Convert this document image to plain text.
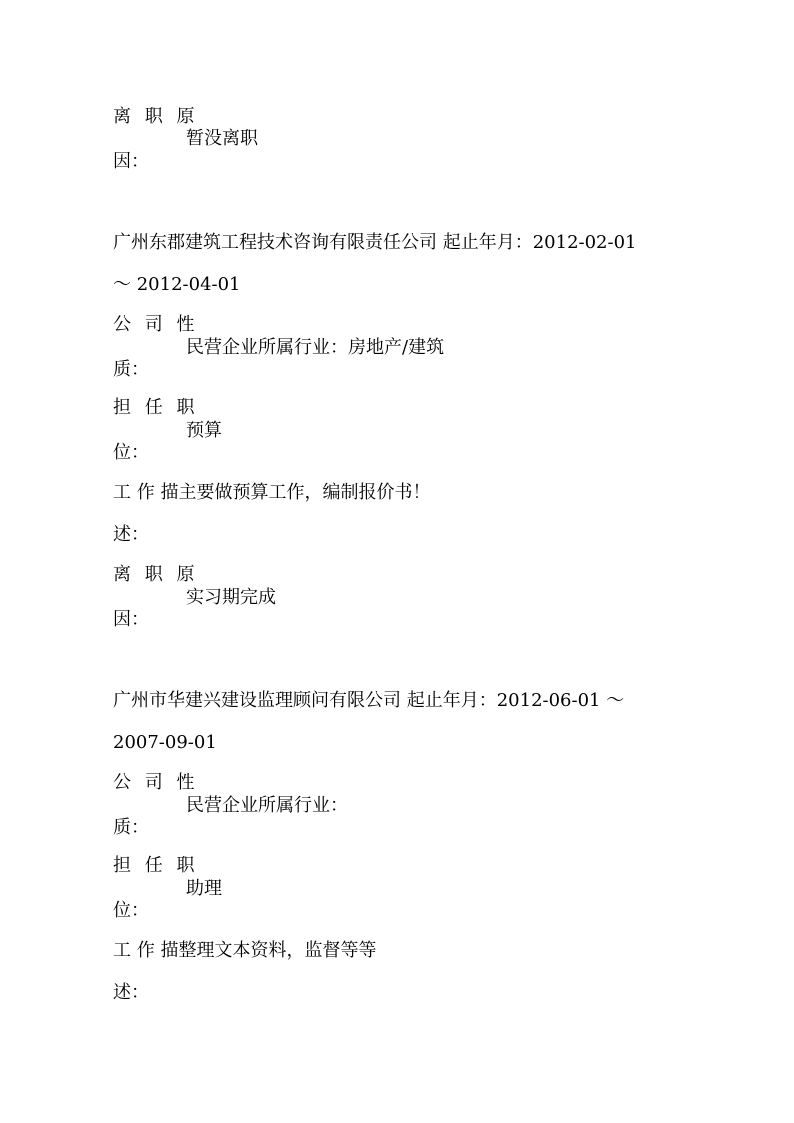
离 职 原
暂没离职
因：
广州东郡建筑工程技术咨询有限责任公司 起止年月：2012-02-01
～ 2012-04-01
公 司 性
民营企业所属行业：房地产/建筑
质：
担 任 职
预算
位：
工 作 描主要做预算工作，编制报价书！
述：
离 职 原
实习期完成
因：
广州市华建兴建设监理顾问有限公司 起止年月：2012-06-01 ～
2007-09-01
公 司 性
民营企业所属行业：
质：
担 任 职
助理
位：
工 作 描整理文本资料，监督等等
述：
